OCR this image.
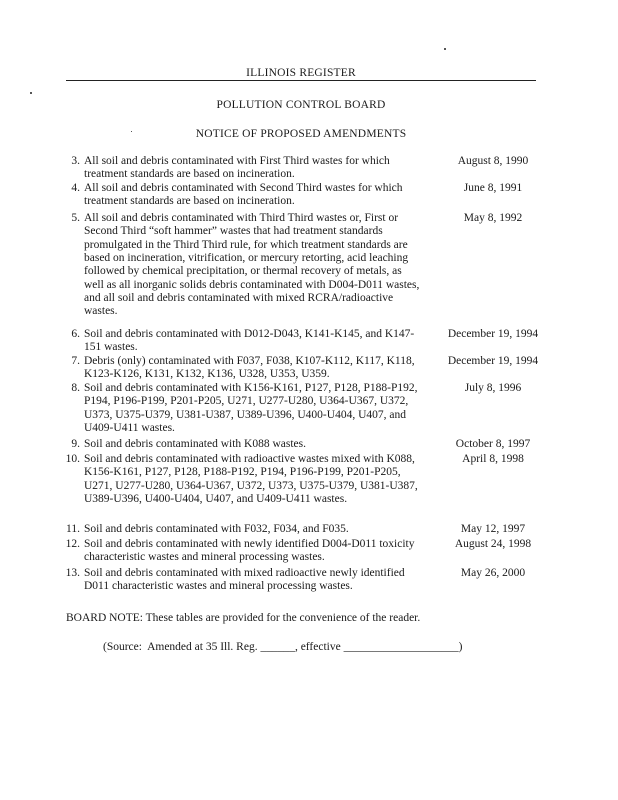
ILLINOIS REGISTER
POLLUTION CONTROL BOARD
NOTICE OF PROPOSED AMENDMENTS
3. All soil and debris contaminated with First Third wastes for which treatment standards are based on incineration.
August 8, 1990
4. All soil and debris contaminated with Second Third wastes for which treatment standards are based on incineration.
June 8, 1991
5. All soil and debris contaminated with Third Third wastes or, First or Second Third “soft hammer” wastes that had treatment standards promulgated in the Third Third rule, for which treatment standards are based on incineration, vitrification, or mercury retorting, acid leaching followed by chemical precipitation, or thermal recovery of metals, as well as all inorganic solids debris contaminated with D004-D011 wastes, and all soil and debris contaminated with mixed RCRA/radioactive wastes.
May 8, 1992
6. Soil and debris contaminated with D012-D043, K141-K145, and K147-151 wastes.
December 19, 1994
7. Debris (only) contaminated with F037, F038, K107-K112, K117, K118, K123-K126, K131, K132, K136, U328, U353, U359.
December 19, 1994
8. Soil and debris contaminated with K156-K161, P127, P128, P188-P192, P194, P196-P199, P201-P205, U271, U277-U280, U364-U367, U372, U373, U375-U379, U381-U387, U389-U396, U400-U404, U407, and U409-U411 wastes.
July 8, 1996
9. Soil and debris contaminated with K088 wastes.	October 8, 1997
10. Soil and debris contaminated with radioactive wastes mixed with K088, K156-K161, P127, P128, P188-P192, P194, P196-P199, P201-P205, U271, U277-U280, U364-U367, U372, U373, U375-U379, U381-U387, U389-U396, U400-U404, U407, and U409-U411 wastes.
April 8, 1998
11. Soil and debris contaminated with F032, F034, and F035.	May 12, 1997
12. Soil and debris contaminated with newly identified D004-D011 toxicity characteristic wastes and mineral processing wastes.
August 24, 1998
13. Soil and debris contaminated with mixed radioactive newly identified D011 characteristic wastes and mineral processing wastes.
May 26, 2000
BOARD NOTE: These tables are provided for the convenience of the reader.
(Source:  Amended at 35 Ill. Reg. ______, effective ____________________)
